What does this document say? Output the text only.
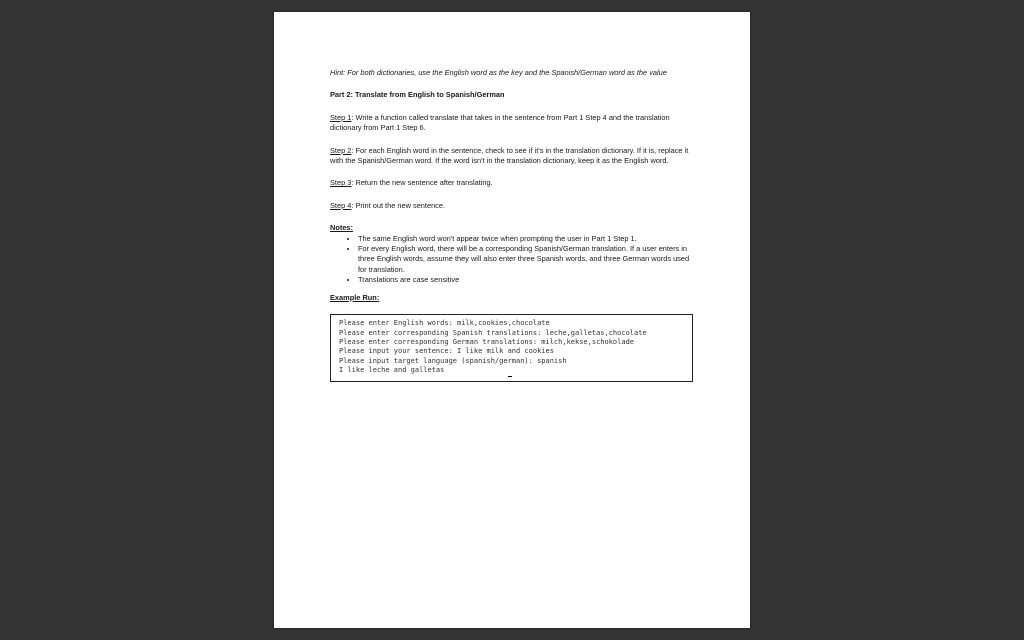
Hint: For both dictionaries, use the English word as the key and the Spanish/German word as the value

Part 2: Translate from English to Spanish/German

Step 1: Write a function called translate that takes in the sentence from Part 1 Step 4 and the translation dictionary from Part 1 Step 6.

Step 2: For each English word in the sentence, check to see if it's in the translation dictionary. If it is, replace it with the Spanish/German word. If the word isn't in the translation dictionary, keep it as the English word.

Step 3: Return the new sentence after translating.

Step 4: Print out the new sentence.

Notes:

• The same English word won't appear twice when prompting the user in Part 1 Step 1.
• For every English word, there will be a corresponding Spanish/German translation. If a user enters in three English words, assume they will also enter three Spanish words, and three German words used for translation.
• Translations are case sensitive

Example Run:

Please enter English words: milk,cookies,chocolate
Please enter corresponding Spanish translations: leche,galletas,chocolate
Please enter corresponding German translations: milch,kekse,schokolade
Please input your sentence: I like milk and cookies
Please input target language (spanish/german): spanish
I like leche and galletas
